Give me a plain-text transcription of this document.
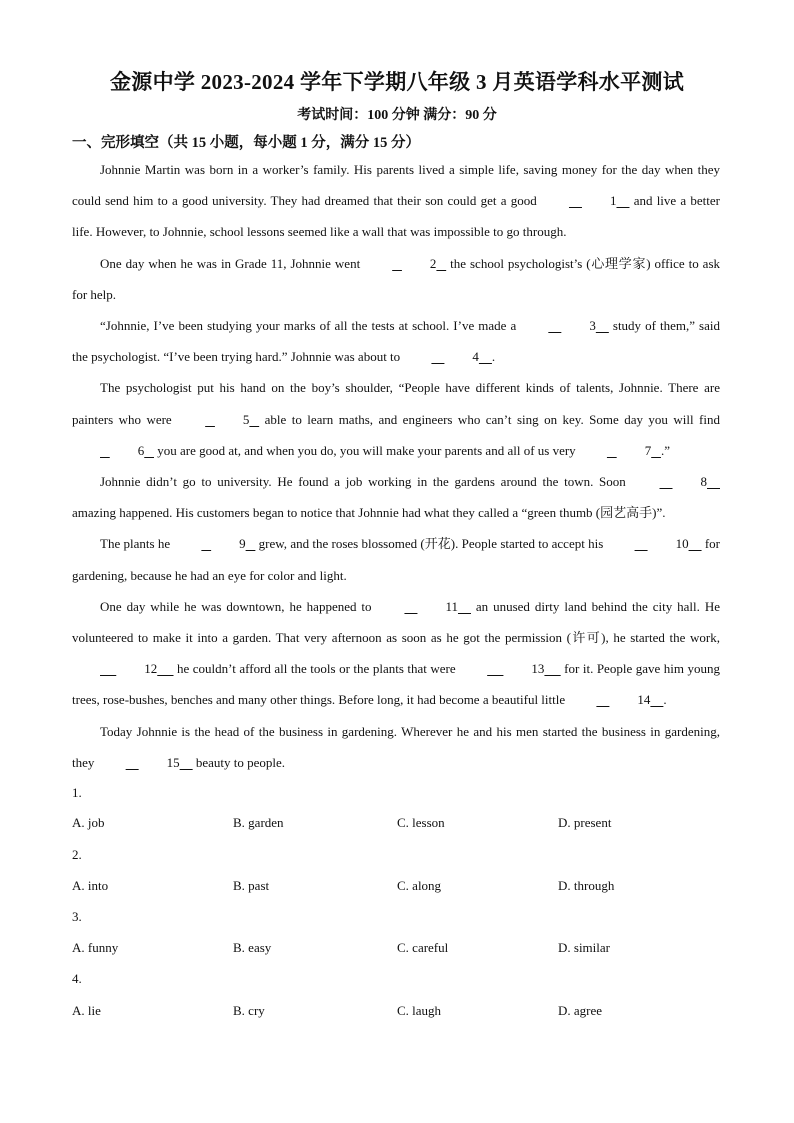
金源中学 2023-2024 学年下学期八年级 3 月英语学科水平测试
考试时间：100 分钟 满分：90 分
一、完形填空（共 15 小题，每小题 1 分，满分 15 分）

Johnnie Martin was born in a worker’s family. His parents lived a simple life, saving money for the day when they could send him to a good university. They had dreamed that their son could get a good	1     and live a better life. However, to Johnnie, school lessons seemed like a wall that was impossible to go through.

One day when he was in Grade 11, Johnnie went	2    the school psychologist’s (心理学家) office to ask for help.

“Johnnie, I’ve been studying your marks of all the tests at school. I’ve made a	3     study of them,” said the psychologist. “I’ve been trying hard.” Johnnie was about to	4 .

The psychologist put his hand on the boy’s shoulder, “People have different kinds of talents, Johnnie. There are painters who were	5    able to learn maths, and engineers who can’t sing on key. Some day you will find    6    you are good at, and when you do, you will make your parents and all of us very	7 .”

Johnnie didn’t go to university. He found a job working in the gardens around the town. Soon	8     amazing happened. His customers began to notice that Johnnie had what they called a “green thumb (园艺高手)”.

The plants he	9    grew, and the roses blossomed (开花). People started to accept his	10     for gardening, because he had an eye for color and light.

One day while he was downtown, he happened to	11     an unused dirty land behind the city hall. He volunteered to make it into a garden. That very afternoon as soon as he got the permission (许可), he started the work,      12      he couldn’t afford all the tools or the plants that were	13      for it. People gave him young trees, rose-bushes, benches and many other things. Before long, it had become a beautiful little	14 .

Today Johnnie is the head of the business in gardening. Wherever he and his men started the business in gardening, they	15     beauty to people.

1.
A. job	B. garden	C. lesson	D. present
2.
A. into	B. past	C. along	D. through
3.
A. funny	B. easy	C. careful	D. similar
4.
A. lie	B. cry	C. laugh	D. agree
